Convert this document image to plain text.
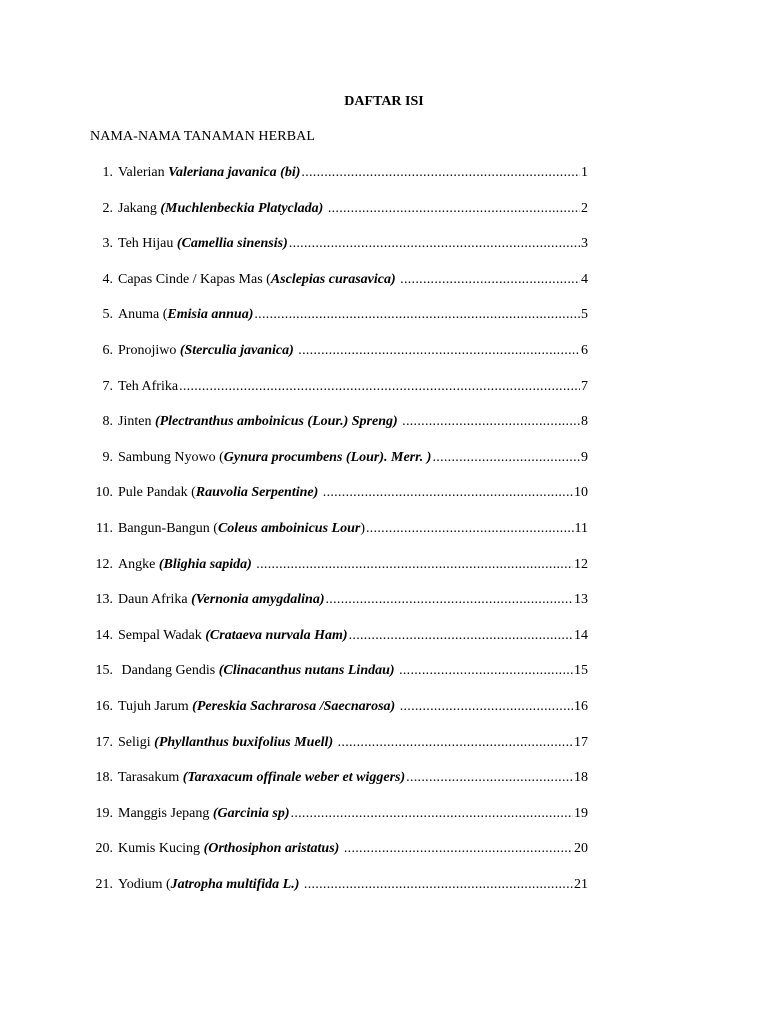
DAFTAR ISI
NAMA-NAMA TANAMAN HERBAL
1. Valerian Valeriana javanica (bi) .....	1
2. Jakang (Muchlenbeckia Platyclada) .....	2
3. Teh Hijau (Camellia sinensis) .....	3
4. Capas Cinde / Kapas Mas (Asclepias curasavica) .....	4
5. Anuma (Emisia annua) .....	5
6. Pronojiwo (Sterculia javanica) .....	6
7. Teh Afrika .....	7
8. Jinten (Plectranthus amboinicus (Lour.) Spreng) .....	8
9. Sambung Nyowo (Gynura procumbens (Lour). Merr. ) .....	9
10. Pule Pandak (Rauvolia Serpentine) .....	10
11. Bangun-Bangun (Coleus amboinicus Lour) .....	11
12. Angke (Blighia sapida) .....	12
13. Daun Afrika (Vernonia amygdalina) .....	13
14. Sempal Wadak (Crataeva nurvala Ham) .....	14
15. Dandang Gendis (Clinacanthus nutans Lindau) .....	15
16. Tujuh Jarum (Pereskia Sachrarosa /Saecnarosa) .....	16
17. Seligi (Phyllanthus buxifolius Muell) .....	17
18. Tarasakum (Taraxacum offinale weber et wiggers) .....	18
19. Manggis Jepang (Garcinia sp) .....	19
20. Kumis Kucing (Orthosiphon aristatus) .....	20
21. Yodium (Jatropha multifida L.) .....	21
